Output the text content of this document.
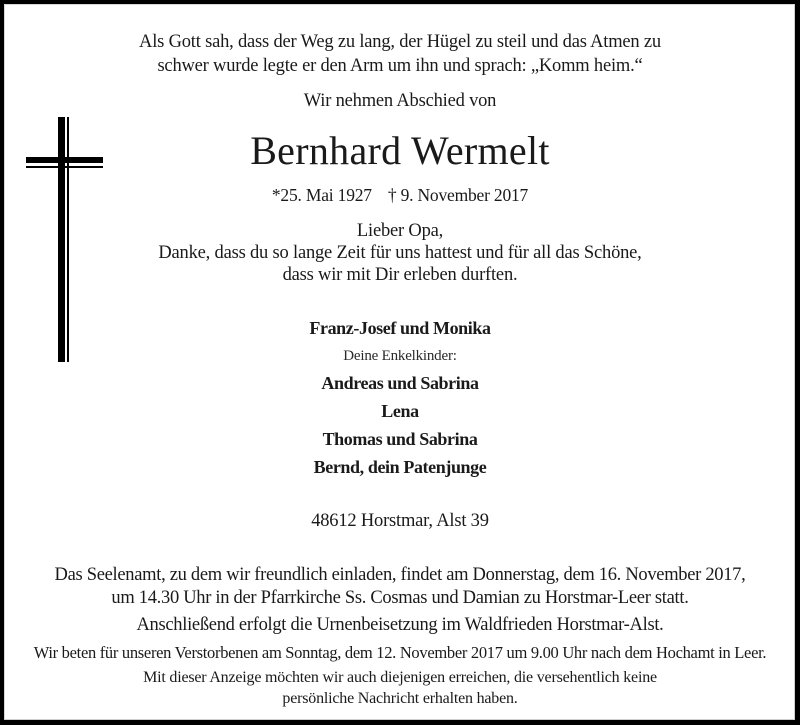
Als Gott sah, dass der Weg zu lang, der Hügel zu steil und das Atmen zu
schwer wurde legte er den Arm um ihn und sprach: „Komm heim.“
Wir nehmen Abschied von
Bernhard Wermelt
*25. Mai 1927 † 9. November 2017
Lieber Opa,
Danke, dass du so lange Zeit für uns hattest und für all das Schöne,
dass wir mit Dir erleben durften.
Franz-Josef und Monika
Deine Enkelkinder:
Andreas und Sabrina
Lena
Thomas und Sabrina
Bernd, dein Patenjunge
48612 Horstmar, Alst 39
Das Seelenamt, zu dem wir freundlich einladen, findet am Donnerstag, dem 16. November 2017,
um 14.30 Uhr in der Pfarrkirche Ss. Cosmas und Damian zu Horstmar-Leer statt.
Anschließend erfolgt die Urnenbeisetzung im Waldfrieden Horstmar-Alst.
Wir beten für unseren Verstorbenen am Sonntag, dem 12. November 2017 um 9.00 Uhr nach dem Hochamt in Leer.
Mit dieser Anzeige möchten wir auch diejenigen erreichen, die versehentlich keine
persönliche Nachricht erhalten haben.
